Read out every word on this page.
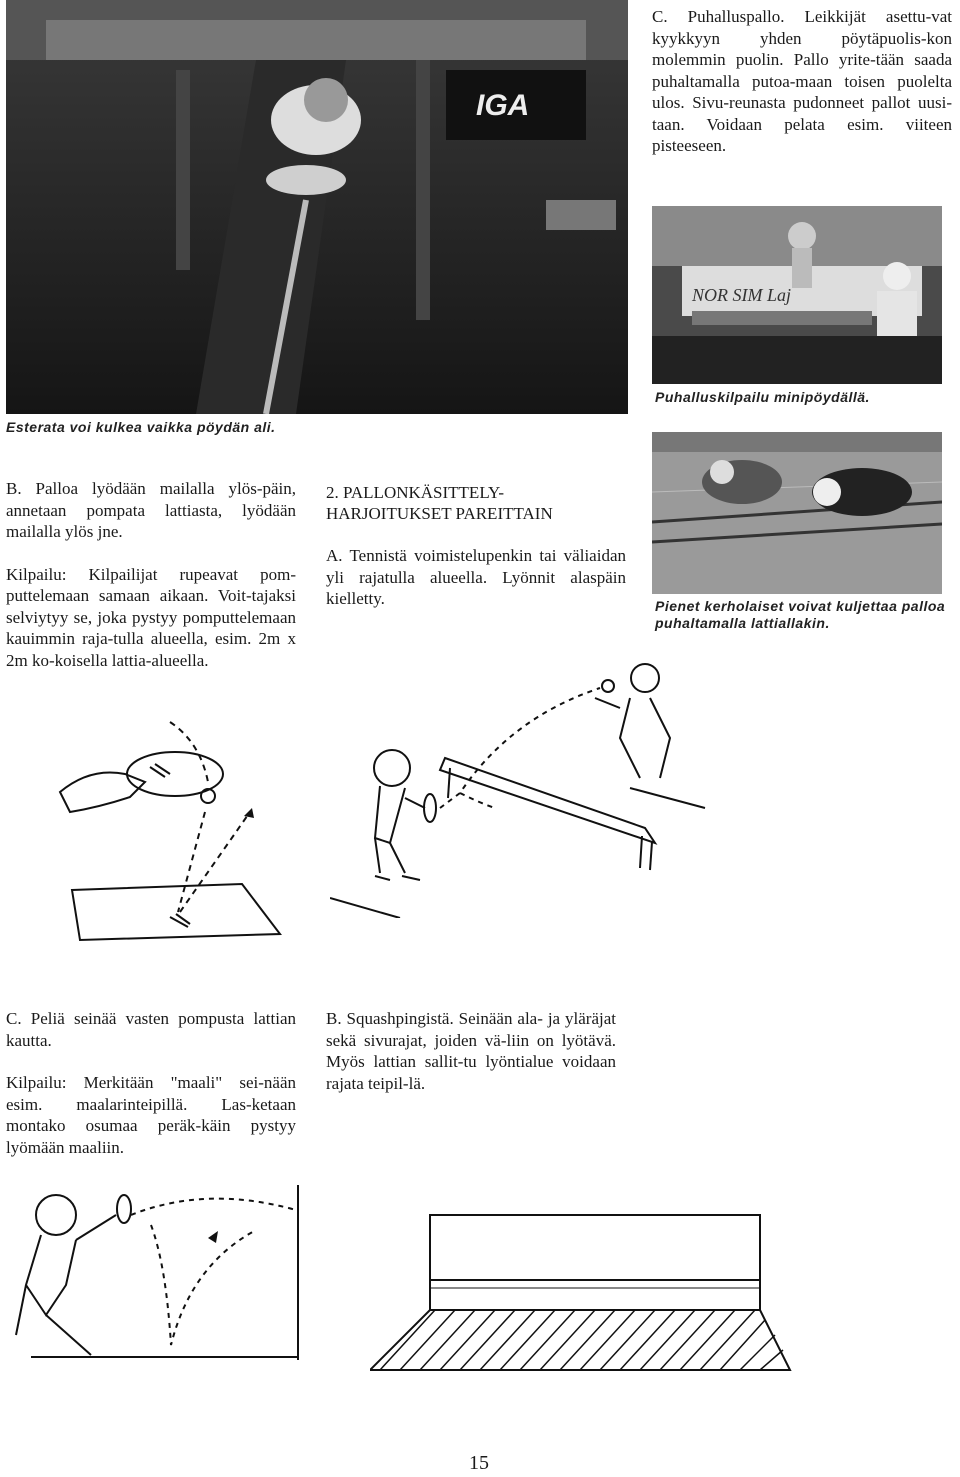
IGA
Esterata voi kulkea vaikka pöydän ali.

C. Puhalluspallo. Leikkijät asettu-vat kyykkyyn yhden pöytäpuolis-kon molemmin puolin. Pallo yrite-tään saada puhaltamalla putoa-maan toisen puolelta ulos. Sivu-reunasta pudonneet pallot uusi-taan. Voidaan pelata esim. viiteen pisteeseen.

NOR SIM Laj
Puhalluskilpailu minipöydällä.
Pienet kerholaiset voivat kuljettaa palloa puhaltamalla lattiallakin.

B. Palloa lyödään mailalla ylös-päin, annetaan pompata lattiasta, lyödään mailalla ylös jne.

Kilpailu: Kilpailijat rupeavat pom-puttelemaan samaan aikaan. Voit-tajaksi selviytyy se, joka pystyy pomputtelemaan kauimmin raja-tulla alueella, esim. 2m x 2m ko-koisella lattia-alueella.

2. PALLONKÄSITTELY-HARJOITUKSET PAREITTAIN

A. Tennistä voimistelupenkin tai väliaidan yli rajatulla alueella. Lyönnit alaspäin kielletty.

C. Peliä seinää vasten pompusta lattian kautta.

Kilpailu: Merkitään "maali" sei-nään esim. maalarinteipillä. Las-ketaan montako osumaa peräk-käin pystyy lyömään maaliin.

B. Squashpingistä. Seinään ala- ja yläräjat sekä sivurajat, joiden vä-liin on lyötävä. Myös lattian sallit-tu lyöntialue voidaan rajata teipil-lä.

15
